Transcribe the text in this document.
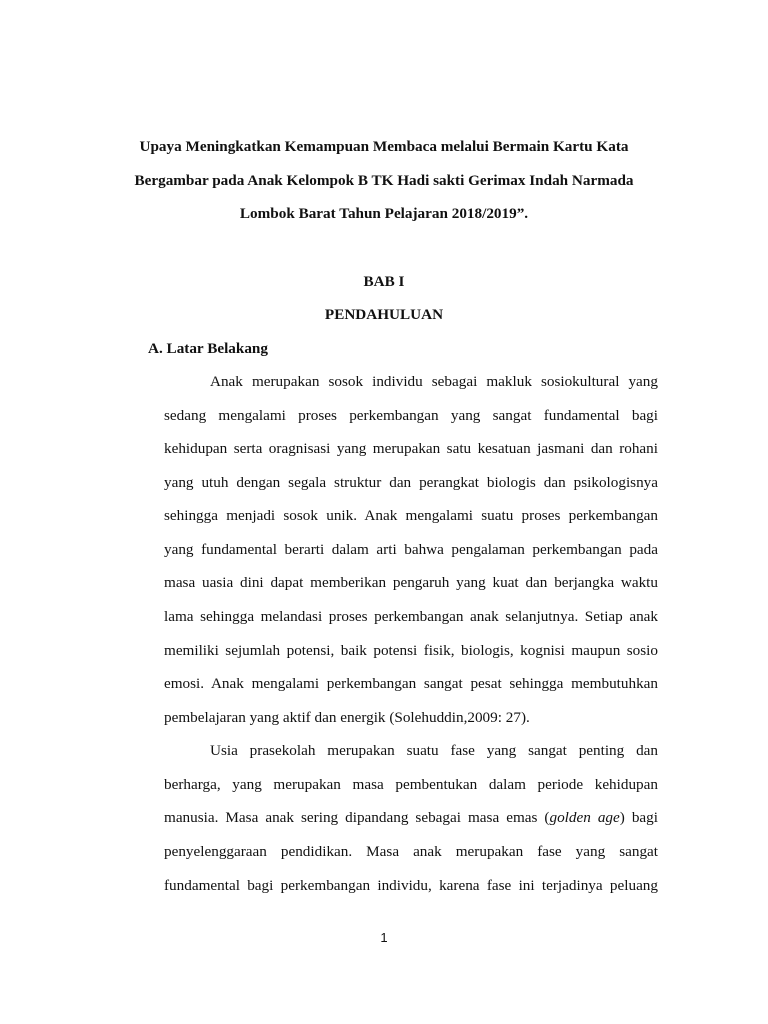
Upaya Meningkatkan Kemampuan Membaca melalui Bermain Kartu Kata
Bergambar pada Anak Kelompok B TK Hadi sakti Gerimax Indah Narmada
Lombok Barat Tahun Pelajaran 2018/2019”.
BAB I
PENDAHULUAN
A. Latar Belakang
Anak merupakan sosok individu sebagai makluk sosiokultural yang
sedang mengalami proses perkembangan yang sangat fundamental bagi
kehidupan serta oragnisasi yang merupakan satu kesatuan jasmani dan rohani
yang utuh dengan segala struktur dan perangkat biologis dan psikologisnya
sehingga menjadi sosok unik. Anak mengalami suatu proses perkembangan
yang fundamental berarti dalam arti bahwa pengalaman perkembangan pada
masa uasia dini dapat memberikan pengaruh yang kuat dan berjangka waktu
lama sehingga melandasi proses perkembangan anak selanjutnya. Setiap anak
memiliki sejumlah potensi, baik potensi fisik, biologis, kognisi maupun sosio
emosi. Anak mengalami perkembangan sangat pesat sehingga membutuhkan
pembelajaran yang aktif dan energik (Solehuddin,2009: 27).
Usia prasekolah merupakan suatu fase yang sangat penting dan
berharga, yang merupakan masa pembentukan dalam periode kehidupan
manusia. Masa anak sering dipandang sebagai masa emas (golden age) bagi
penyelenggaraan pendidikan. Masa anak merupakan fase yang sangat
fundamental bagi perkembangan individu, karena fase ini terjadinya peluang
1
